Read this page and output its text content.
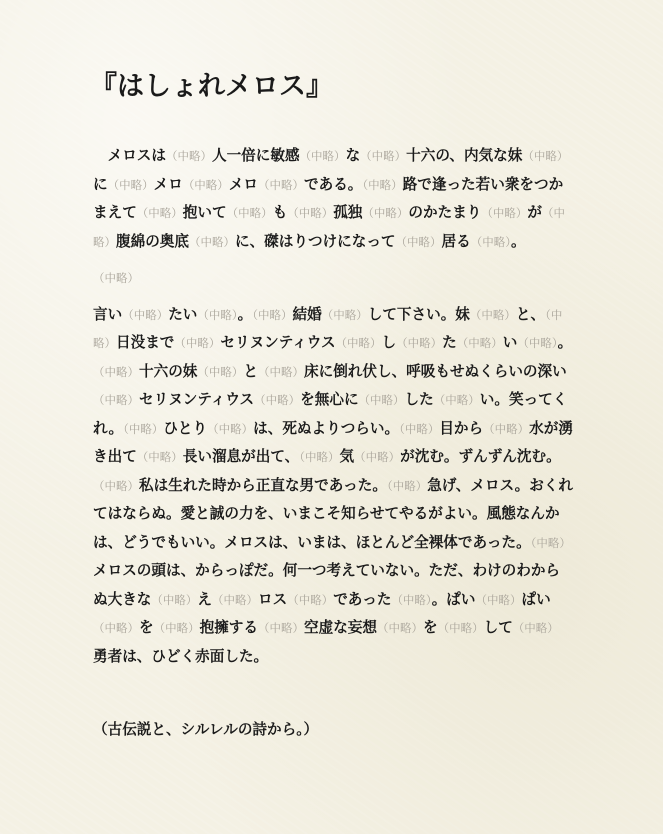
『はしょれメロス』

メロスは（中略）人一倍に敏感（中略）な（中略）十六の、内気な妹（中略）に（中略）メロ（中略）メロ（中略）である。（中略）路で逢った若い衆をつかまえて（中略）抱いて（中略）も（中略）孤独（中略）のかたまり（中略）が（中略）腹綿の奥底（中略）に、磔はりつけになって（中略）居る（中略）。

（中略）

言い（中略）たい（中略）。（中略）結婚（中略）して下さい。妹（中略）と、（中略）日没まで（中略）セリヌンティウス（中略）し（中略）た（中略）い（中略）。（中略）十六の妹（中略）と（中略）床に倒れ伏し、呼吸もせぬくらいの深い（中略）セリヌンティウス（中略）を無心に（中略）した（中略）い。笑ってくれ。（中略）ひとり（中略）は、死ぬよりつらい。（中略）目から（中略）水が湧き出て（中略）長い溜息が出て、（中略）気（中略）が沈む。ずんずん沈む。（中略）私は生れた時から正直な男であった。（中略）急げ、メロス。おくれてはならぬ。愛と誠の力を、いまこそ知らせてやるがよい。風態なんかは、どうでもいい。メロスは、いまは、ほとんど全裸体であった。（中略）メロスの頭は、からっぽだ。何一つ考えていない。ただ、わけのわからぬ大きな（中略）え（中略）ロス（中略）であった（中略）。ぱい（中略）ぱい（中略）を（中略）抱擁する（中略）空虚な妄想（中略）を（中略）して（中略）勇者は、ひどく赤面した。

（古伝説と、シルレルの詩から。）
